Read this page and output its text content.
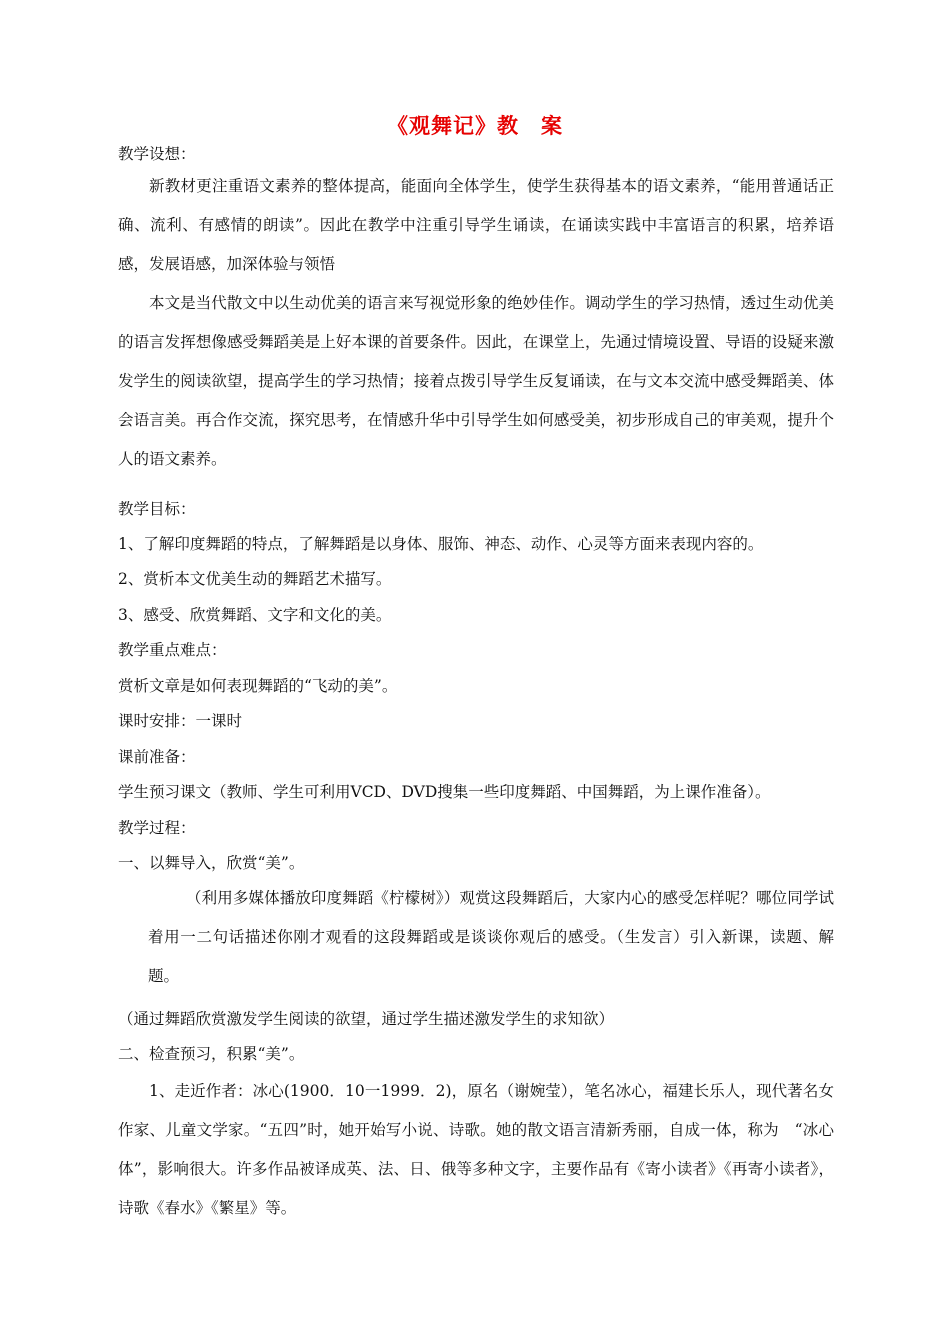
《观舞记》教　案
教学设想：

新教材更注重语文素养的整体提高，能面向全体学生，使学生获得基本的语文素养，“能用普通话正确、流利、有感情的朗读”。因此在教学中注重引导学生诵读，在诵读实践中丰富语言的积累，培养语感，发展语感，加深体验与领悟

本文是当代散文中以生动优美的语言来写视觉形象的绝妙佳作。调动学生的学习热情，透过生动优美的语言发挥想像感受舞蹈美是上好本课的首要条件。因此，在课堂上，先通过情境设置、导语的设疑来激发学生的阅读欲望，提高学生的学习热情；接着点拨引导学生反复诵读，在与文本交流中感受舞蹈美、体会语言美。再合作交流，探究思考，在情感升华中引导学生如何感受美，初步形成自己的审美观，提升个人的语文素养。

教学目标：
1、了解印度舞蹈的特点，了解舞蹈是以身体、服饰、神态、动作、心灵等方面来表现内容的。
2、赏析本文优美生动的舞蹈艺术描写。
3、感受、欣赏舞蹈、文字和文化的美。
教学重点难点：
赏析文章是如何表现舞蹈的“飞动的美”。
课时安排：一课时
课前准备：
学生预习课文（教师、学生可利用VCD、DVD搜集一些印度舞蹈、中国舞蹈，为上课作准备）。
教学过程：
一、以舞导入，欣赏“美”。

（利用多媒体播放印度舞蹈《柠檬树》）观赏这段舞蹈后，大家内心的感受怎样呢？哪位同学试着用一二句话描述你刚才观看的这段舞蹈或是谈谈你观后的感受。（生发言）引入新课，读题、解题。

（通过舞蹈欣赏激发学生阅读的欲望，通过学生描述激发学生的求知欲）
二、检查预习，积累“美”。

1、走近作者：冰心(1900．10一1999．2)，原名（谢婉莹），笔名冰心，福建长乐人，现代著名女作家、儿童文学家。“五四”时，她开始写小说、诗歌。她的散文语言清新秀丽，自成一体，称为　“冰心体”，影响很大。许多作品被译成英、法、日、俄等多种文字，主要作品有《寄小读者》《再寄小读者》，诗歌《春水》《繁星》等。
